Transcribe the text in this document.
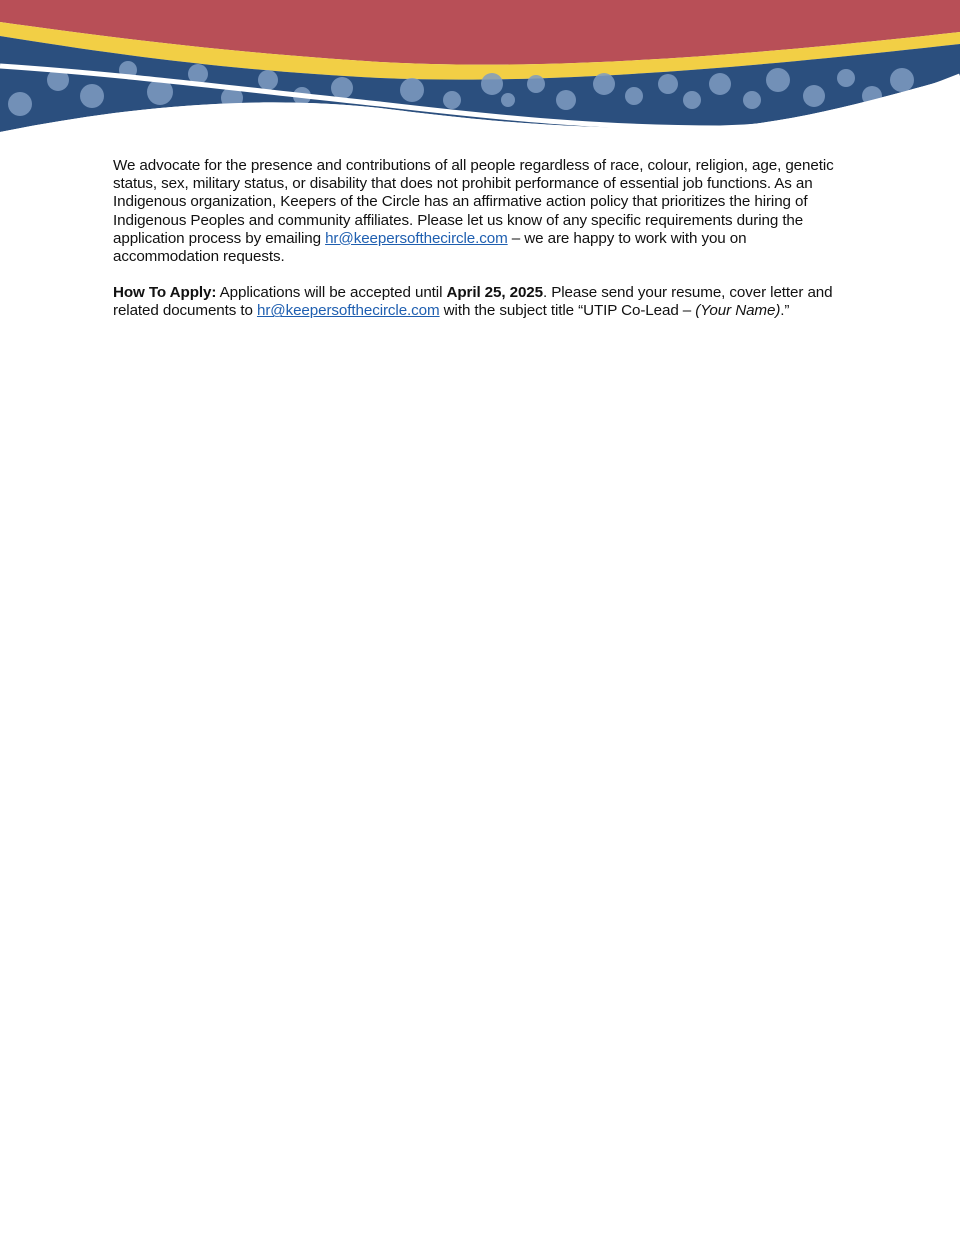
We advocate for the presence and contributions of all people regardless of race, colour, religion, age, genetic status, sex, military status, or disability that does not prohibit performance of essential job functions. As an Indigenous organization, Keepers of the Circle has an affirmative action policy that prioritizes the hiring of Indigenous Peoples and community affiliates. Please let us know of any specific requirements during the application process by emailing hr@keepersofthecircle.com – we are happy to work with you on accommodation requests.

How To Apply: Applications will be accepted until April 25, 2025. Please send your resume, cover letter and related documents to hr@keepersofthecircle.com with the subject title “UTIP Co-Lead – (Your Name).”
